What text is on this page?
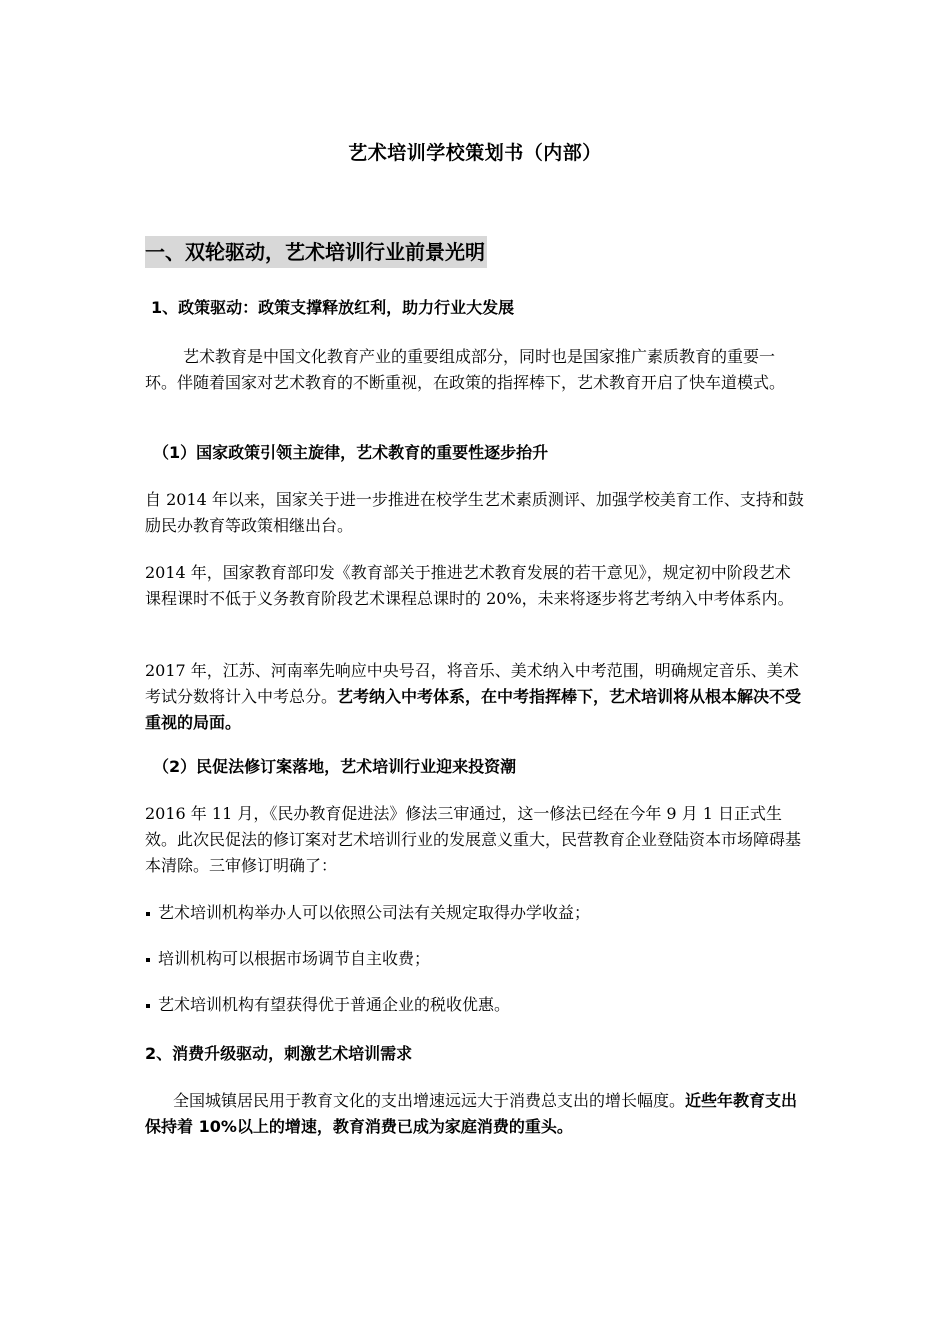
艺术培训学校策划书（内部）
一、双轮驱动，艺术培训行业前景光明
1、政策驱动：政策支撑释放红利，助力行业大发展
艺术教育是中国文化教育产业的重要组成部分，同时也是国家推广素质教育的重要一环。伴随着国家对艺术教育的不断重视，在政策的指挥棒下，艺术教育开启了快车道模式。
（1）国家政策引领主旋律，艺术教育的重要性逐步抬升
自 2014 年以来，国家关于进一步推进在校学生艺术素质测评、加强学校美育工作、支持和鼓励民办教育等政策相继出台。
2014 年，国家教育部印发《教育部关于推进艺术教育发展的若干意见》，规定初中阶段艺术课程课时不低于义务教育阶段艺术课程总课时的 20%，未来将逐步将艺考纳入中考体系内。
2017 年，江苏、河南率先响应中央号召，将音乐、美术纳入中考范围，明确规定音乐、美术考试分数将计入中考总分。艺考纳入中考体系，在中考指挥棒下，艺术培训将从根本解决不受重视的局面。
（2）民促法修订案落地，艺术培训行业迎来投资潮
2016 年 11 月，《民办教育促进法》修法三审通过，这一修法已经在今年 9 月 1 日正式生效。此次民促法的修订案对艺术培训行业的发展意义重大，民营教育企业登陆资本市场障碍基本清除。三审修订明确了：
艺术培训机构举办人可以依照公司法有关规定取得办学收益；
培训机构可以根据市场调节自主收费；
艺术培训机构有望获得优于普通企业的税收优惠。
2、消费升级驱动，刺激艺术培训需求
全国城镇居民用于教育文化的支出增速远远大于消费总支出的增长幅度。近些年教育支出保持着 10%以上的增速，教育消费已成为家庭消费的重头。
